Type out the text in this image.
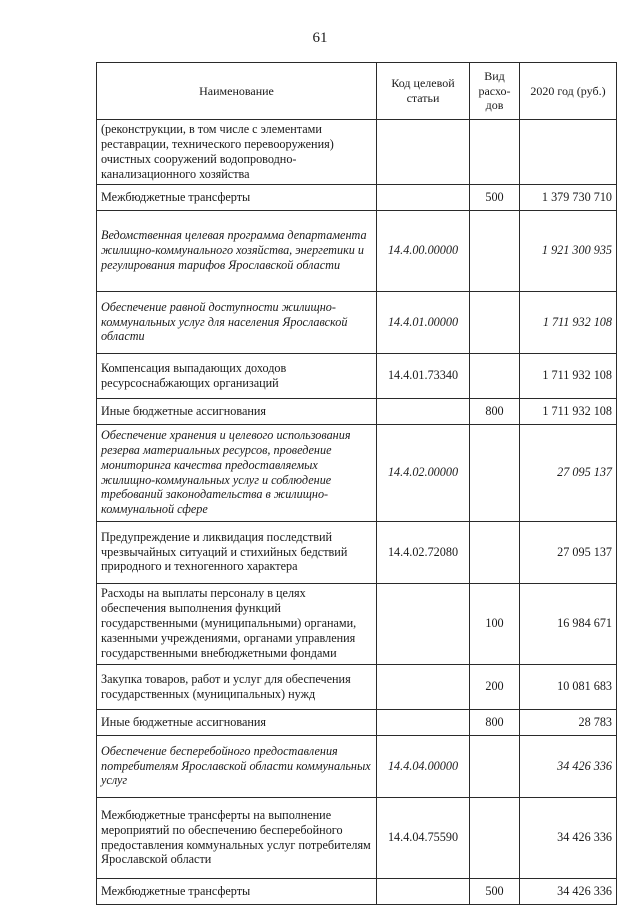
61
Наименование	Код целевой статьи	Вид расхо-дов	2020 год (руб.)
(реконструкции, в том числе с элементами реставрации, технического перевооружения) очистных сооружений водопроводно-канализационного хозяйства			
Межбюджетные трансферты		500	1 379 730 710
Ведомственная целевая программа департамента жилищно-коммунального хозяйства, энергетики и регулирования тарифов Ярославской области	14.4.00.00000		1 921 300 935
Обеспечение равной доступности жилищно-коммунальных услуг для населения Ярославской области	14.4.01.00000		1 711 932 108
Компенсация выпадающих доходов ресурсоснабжающих организаций	14.4.01.73340		1 711 932 108
Иные бюджетные ассигнования		800	1 711 932 108
Обеспечение хранения и целевого использования резерва материальных ресурсов, проведение мониторинга качества предоставляемых жилищно-коммунальных услуг и соблюдение требований законодательства в жилищно-коммунальной сфере	14.4.02.00000		27 095 137
Предупреждение и ликвидация последствий чрезвычайных ситуаций и стихийных бедствий природного и техногенного характера	14.4.02.72080		27 095 137
Расходы на выплаты персоналу в целях обеспечения выполнения функций государственными (муниципальными) органами, казенными учреждениями, органами управления государственными внебюджетными фондами		100	16 984 671
Закупка товаров, работ и услуг для обеспечения государственных (муниципальных) нужд		200	10 081 683
Иные бюджетные ассигнования		800	28 783
Обеспечение бесперебойного предоставления потребителям Ярославской области коммунальных услуг	14.4.04.00000		34 426 336
Межбюджетные трансферты на выполнение мероприятий по обеспечению бесперебойного предоставления коммунальных услуг потребителям Ярославской области	14.4.04.75590		34 426 336
Межбюджетные трансферты		500	34 426 336
